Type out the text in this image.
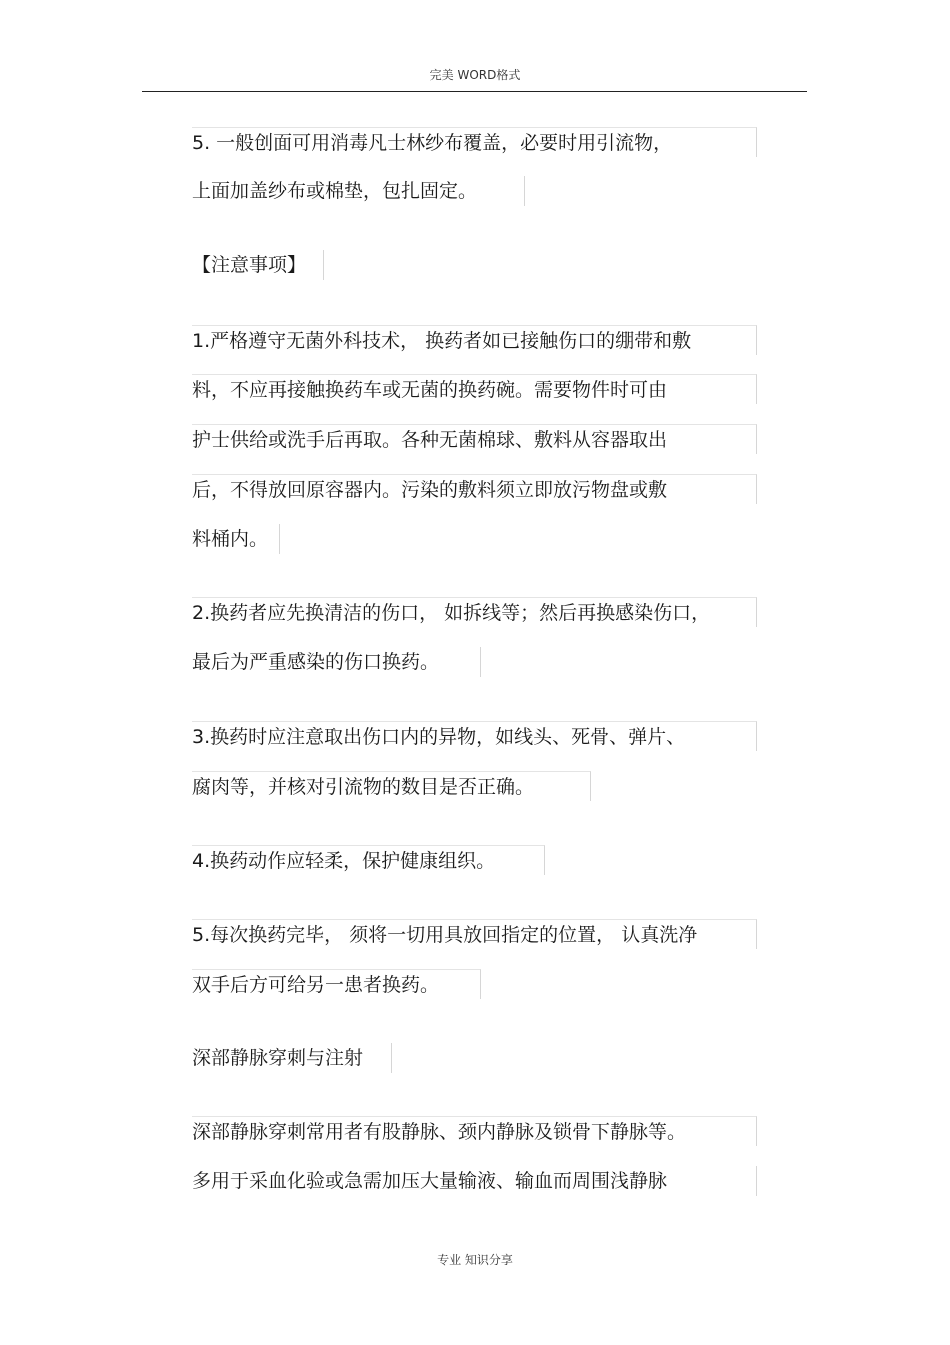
完美 WORD格式
5. 一般创面可用消毒凡士林纱布覆盖，必要时用引流物，
上面加盖纱布或棉垫，包扎固定。
【注意事项】
1.严格遵守无菌外科技术， 换药者如已接触伤口的绷带和敷
料，不应再接触换药车或无菌的换药碗。需要物件时可由
护士供给或洗手后再取。各种无菌棉球、敷料从容器取出
后，不得放回原容器内。污染的敷料须立即放污物盘或敷
料桶内。
2.换药者应先换清洁的伤口， 如拆线等；然后再换感染伤口，
最后为严重感染的伤口换药。
3.换药时应注意取出伤口内的异物，如线头、死骨、弹片、
腐肉等，并核对引流物的数目是否正确。
4.换药动作应轻柔，保护健康组织。
5.每次换药完毕， 须将一切用具放回指定的位置， 认真洗净
双手后方可给另一患者换药。
深部静脉穿刺与注射
深部静脉穿刺常用者有股静脉、颈内静脉及锁骨下静脉等。
多用于采血化验或急需加压大量输液、输血而周围浅静脉
专业 知识分享
